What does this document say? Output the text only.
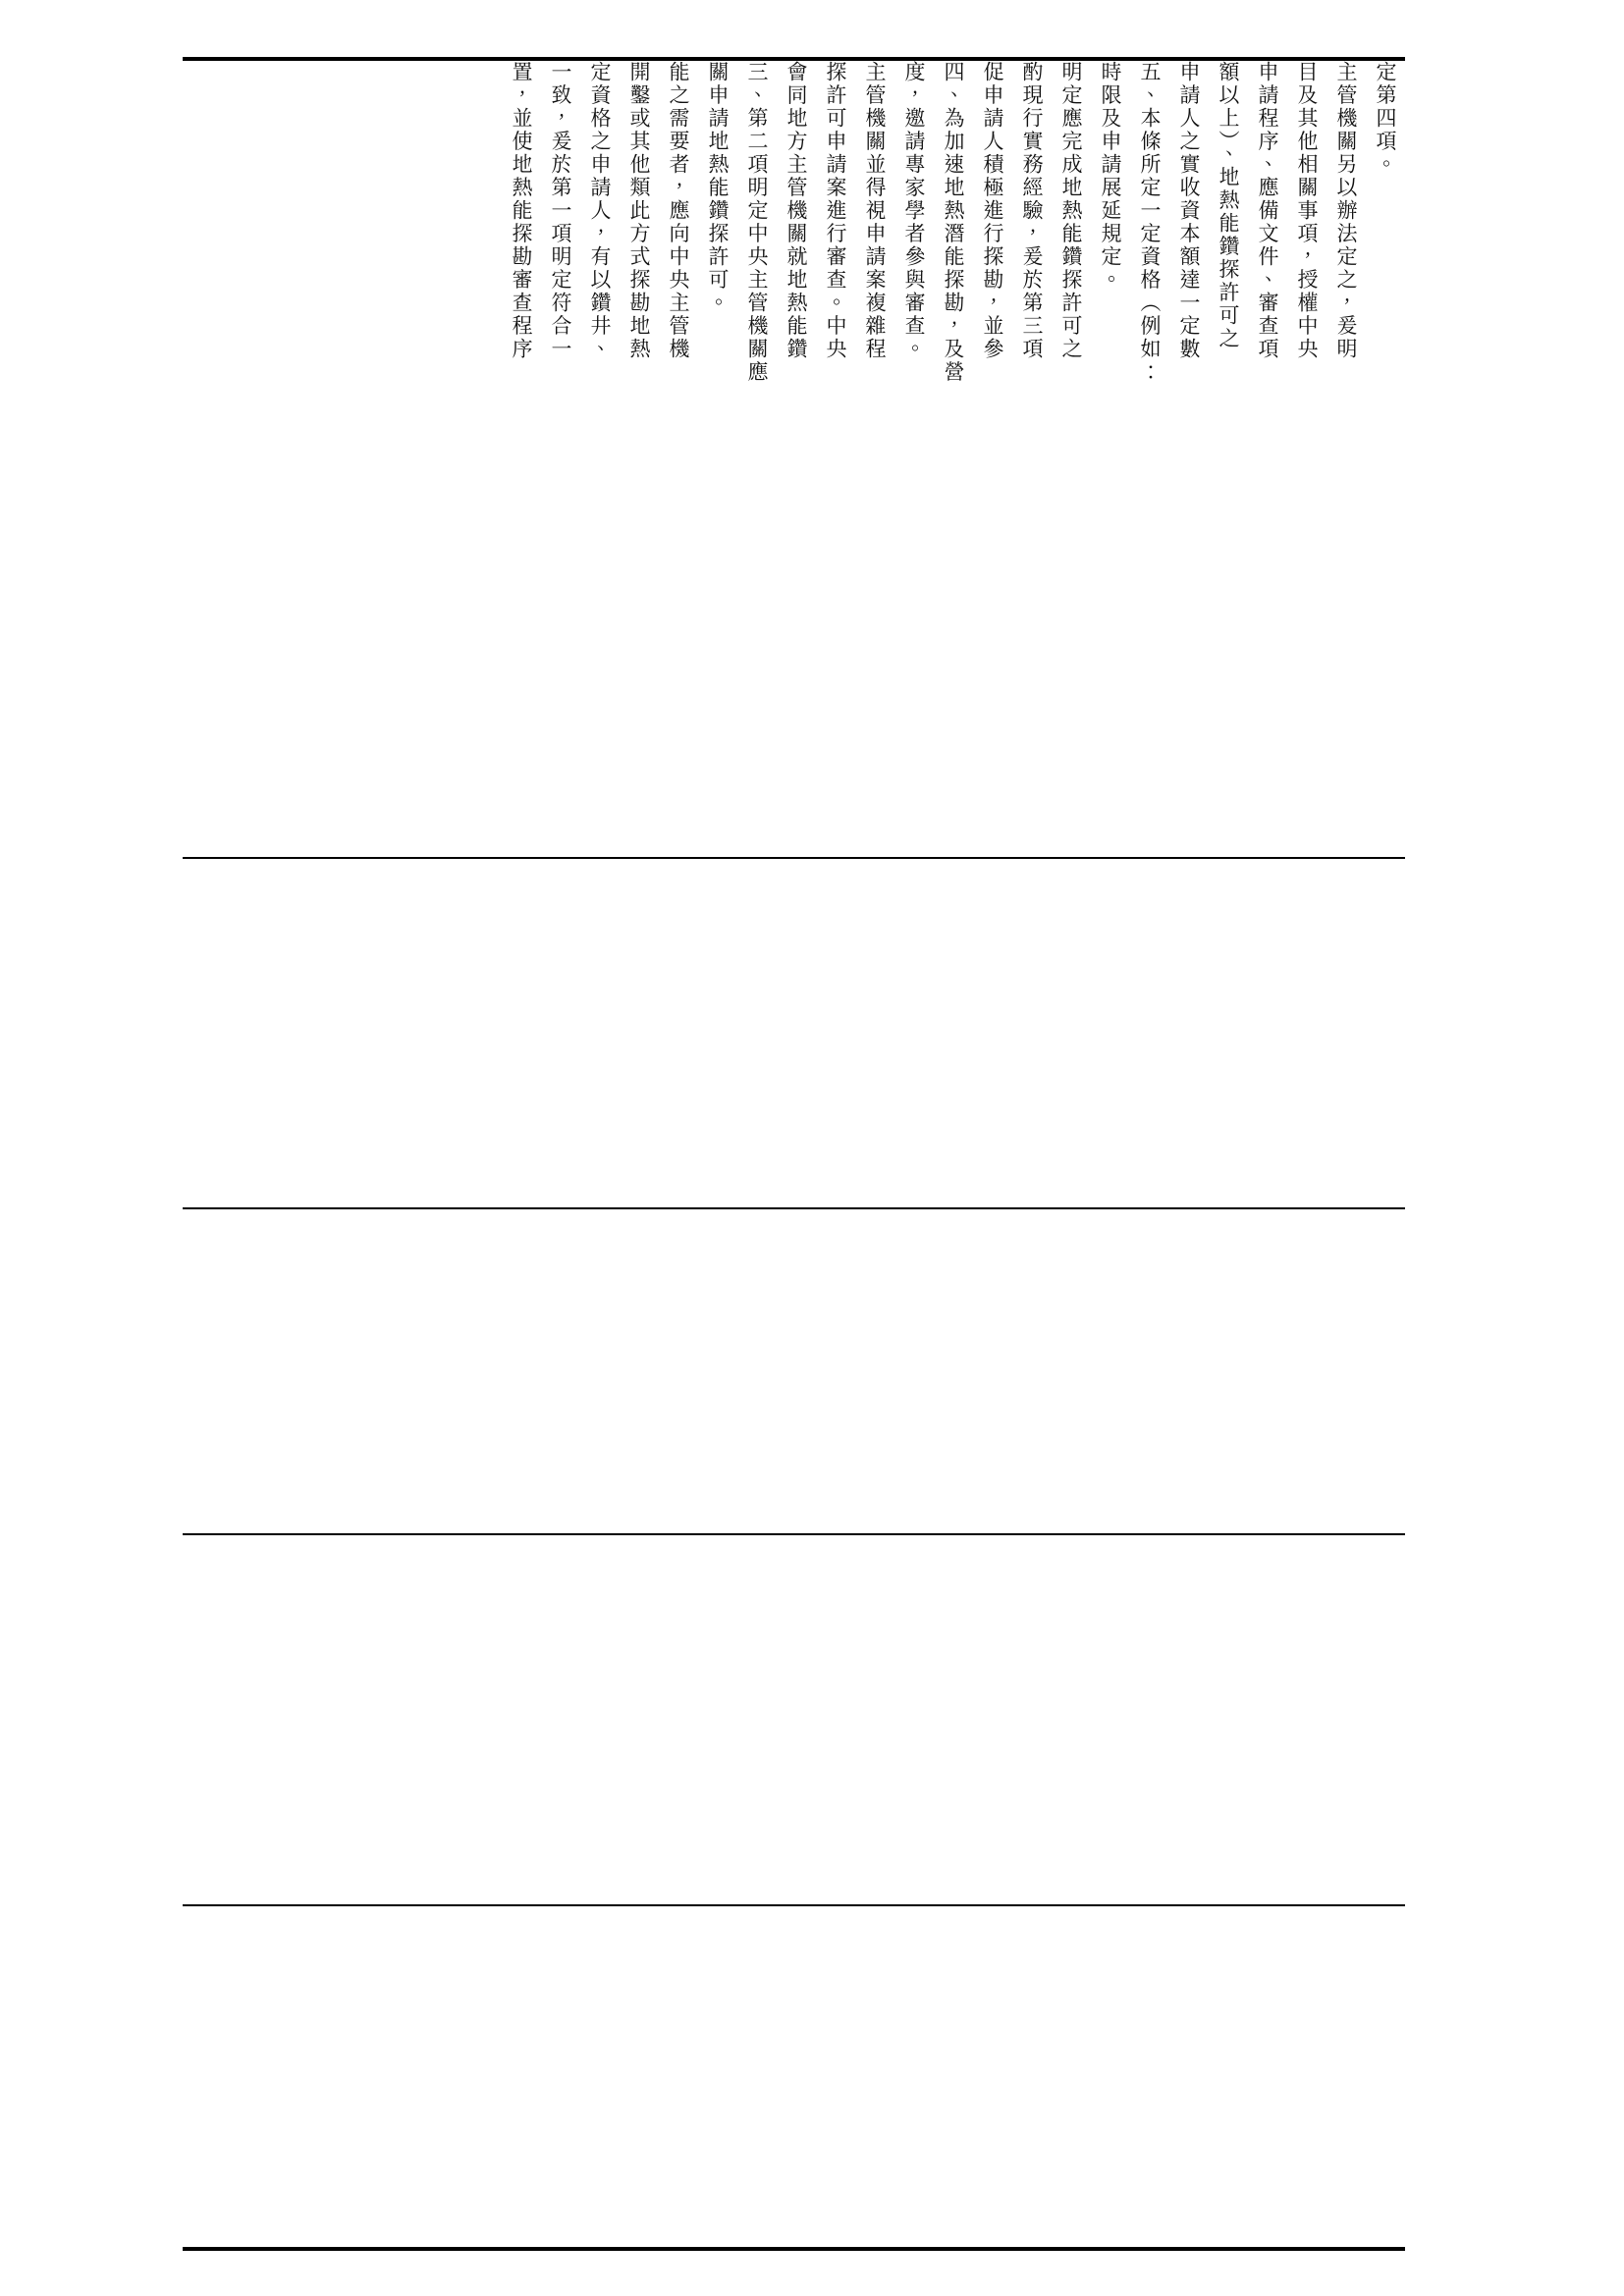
置，並使地熱能探勘審查程序 一致，爰於第一項明定符合一 定資格之申請人，有以鑽井、 開鑿或其他類此方式探勘地熱 能之需要者，應向中央主管機 關申請地熱能鑽探許可。 三、第二項明定中央主管機關應 會同地方主管機關就地熱能鑽 探許可申請案進行審查。中央 主管機關並得視申請案複雜程 度，邀請專家學者參與審查。 四、為加速地熱潛能探勘，及營 促申請人積極進行探勘，並參 酌現行實務經驗，爰於第三項 明定應完成地熱能鑽探許可之 時限及申請展延規定。 五、本條所定一定資格（例如： 申請人之實收資本額達一定數 額以上）、地熱能鑽探許可之 申請程序、應備文件、審查項 目及其他相關事項，授權中央 主管機關另以辦法定之，爰明 定第四項。
